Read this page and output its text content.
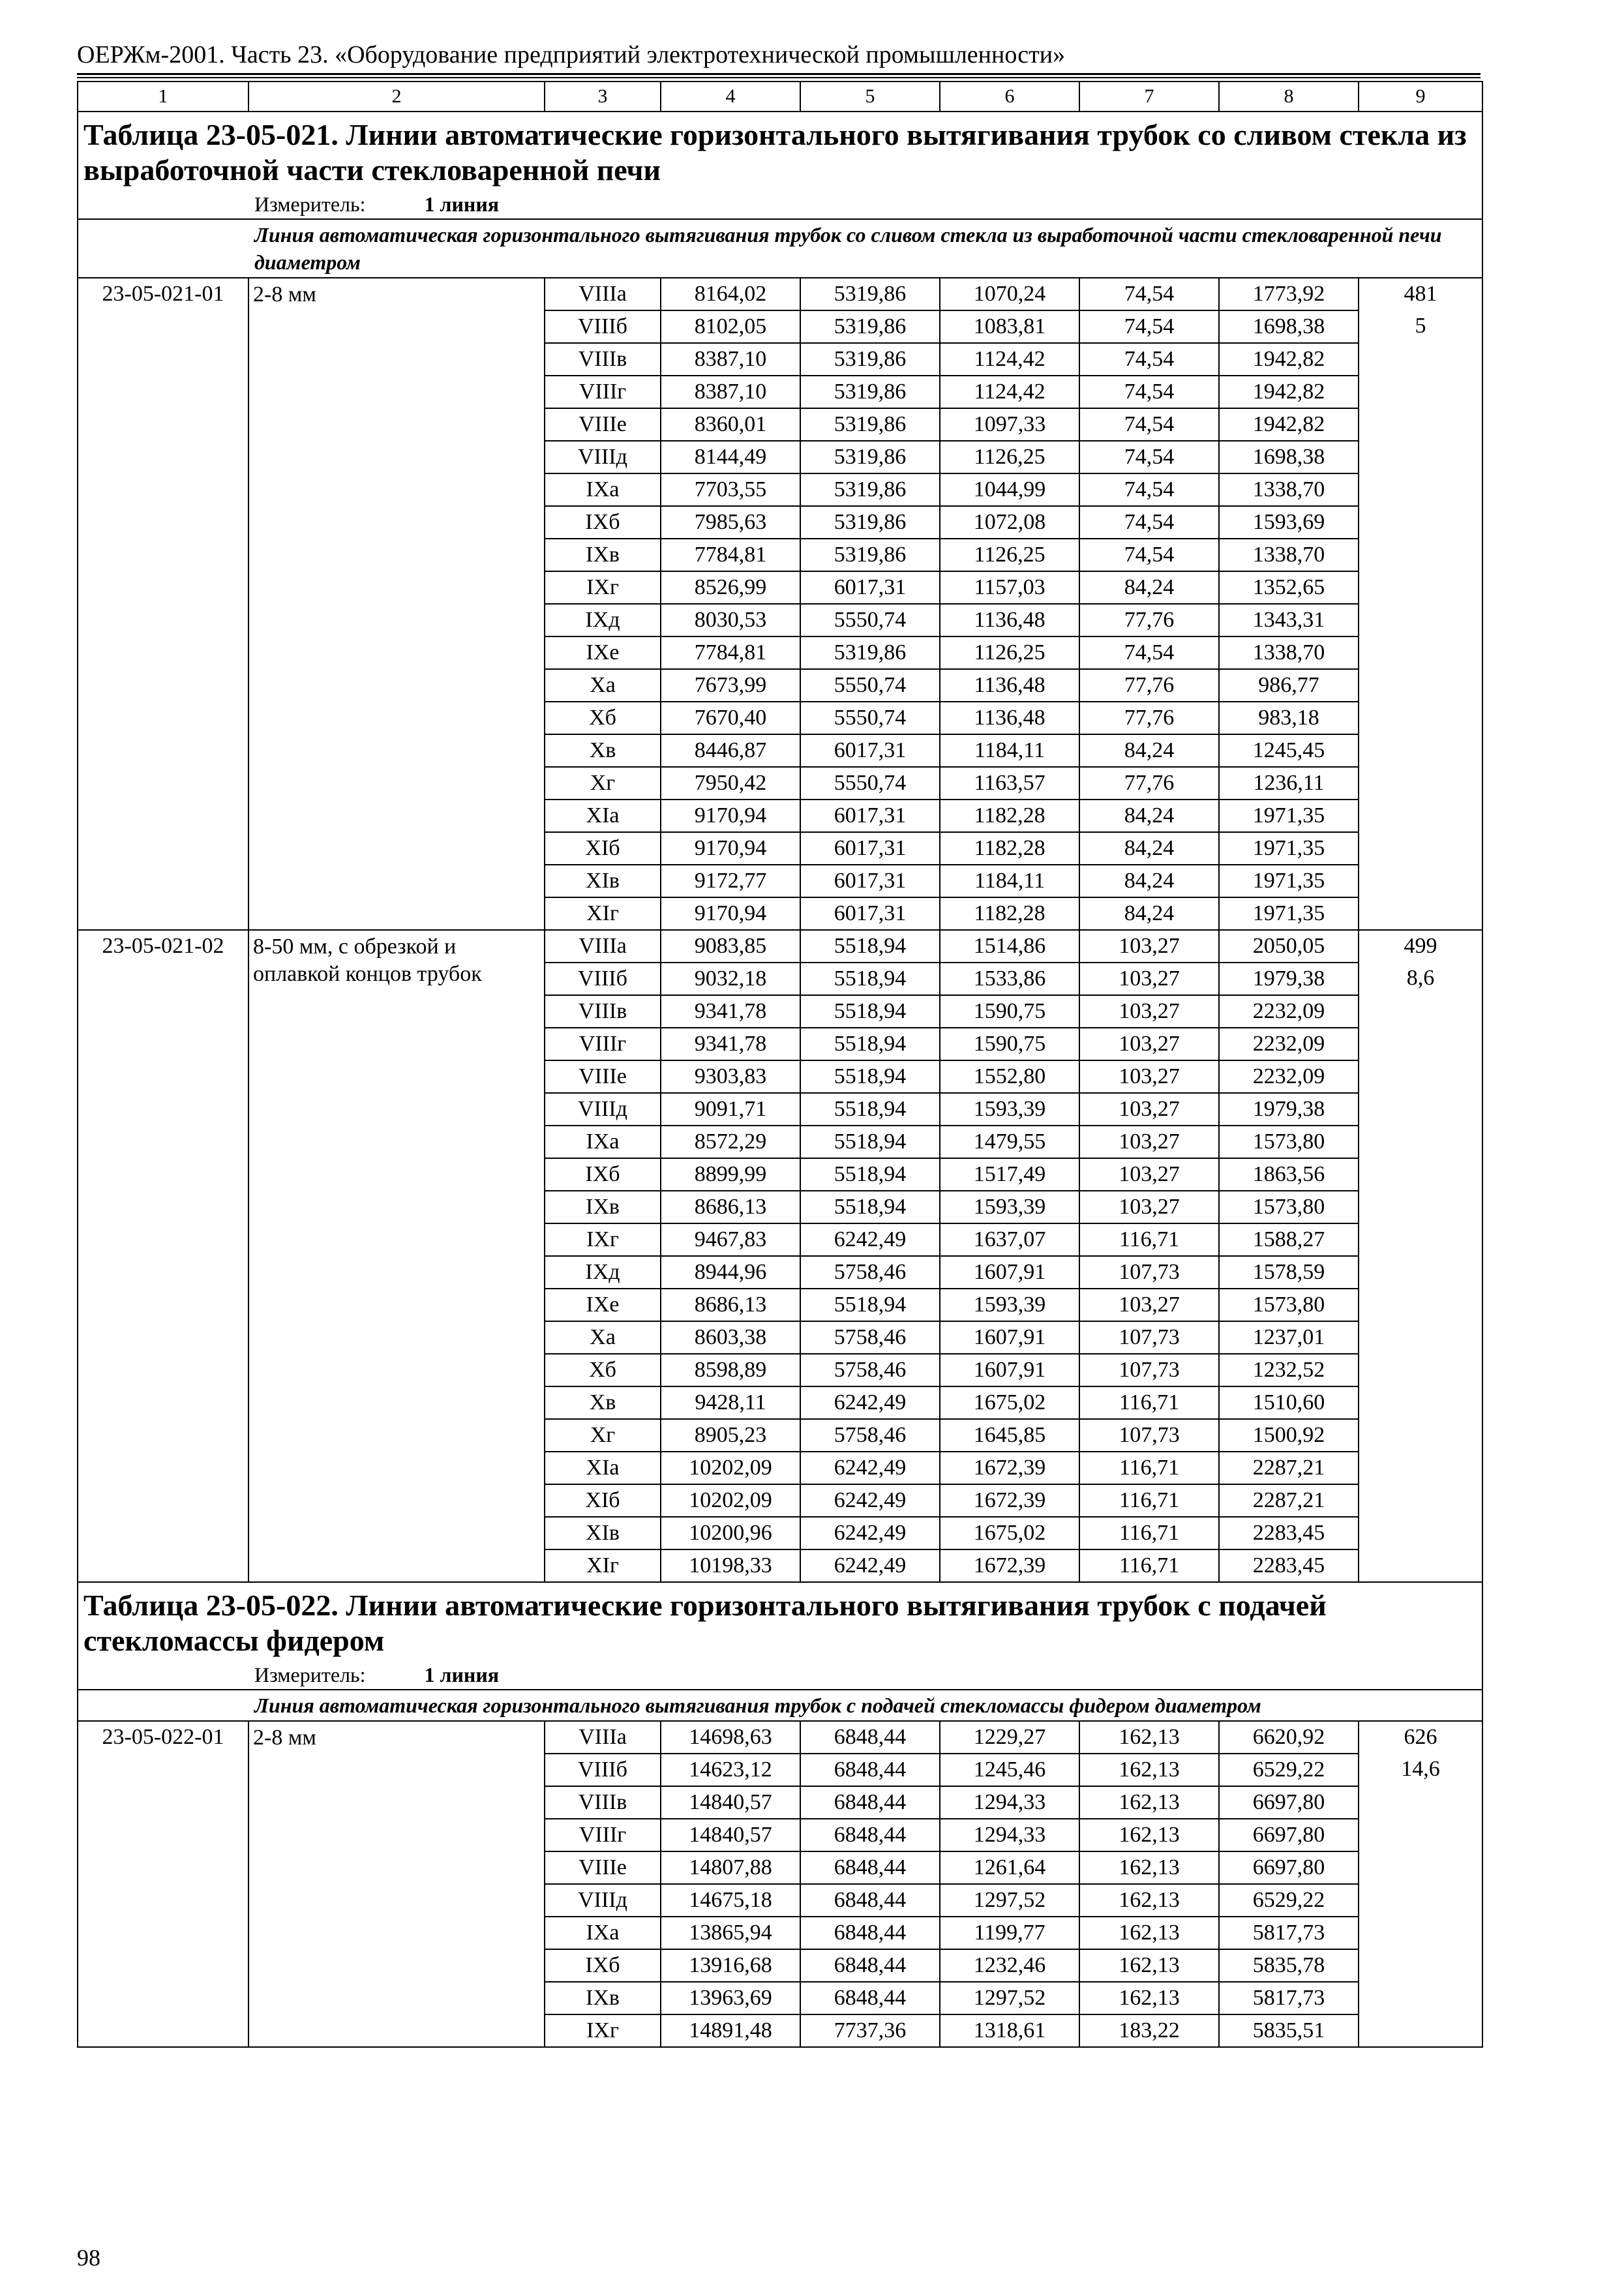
ОЕРЖм-2001. Часть 23. «Оборудование предприятий электротехнической промышленности»
1	2	3	4	5	6	7	8	9
Таблица 23-05-021. Линии автоматические горизонтального вытягивания трубок со сливом стекла из выработочной части стекловаренной печи								
Измеритель: 1 линия								
Линия автоматическая горизонтального вытягивания трубок со сливом стекла из выработочной части стекловаренной печи диаметром								
23-05-021-01	2-8 мм	VIIIа	8164,02	5319,86	1070,24	74,54	1773,92	481
		VIIIб	8102,05	5319,86	1083,81	74,54	1698,38	5
		VIIIв	8387,10	5319,86	1124,42	74,54	1942,82	
		VIIIг	8387,10	5319,86	1124,42	74,54	1942,82	
		VIIIе	8360,01	5319,86	1097,33	74,54	1942,82	
		VIIIд	8144,49	5319,86	1126,25	74,54	1698,38	
		IXа	7703,55	5319,86	1044,99	74,54	1338,70	
		IXб	7985,63	5319,86	1072,08	74,54	1593,69	
		IXв	7784,81	5319,86	1126,25	74,54	1338,70	
		IXг	8526,99	6017,31	1157,03	84,24	1352,65	
		IXд	8030,53	5550,74	1136,48	77,76	1343,31	
		IXе	7784,81	5319,86	1126,25	74,54	1338,70	
		Xа	7673,99	5550,74	1136,48	77,76	986,77	
		Xб	7670,40	5550,74	1136,48	77,76	983,18	
		Xв	8446,87	6017,31	1184,11	84,24	1245,45	
		Xг	7950,42	5550,74	1163,57	77,76	1236,11	
		XIа	9170,94	6017,31	1182,28	84,24	1971,35	
		XIб	9170,94	6017,31	1182,28	84,24	1971,35	
		XIв	9172,77	6017,31	1184,11	84,24	1971,35	
		XIг	9170,94	6017,31	1182,28	84,24	1971,35	
23-05-021-02	8-50 мм, с обрезкой и оплавкой концов трубок	VIIIа	9083,85	5518,94	1514,86	103,27	2050,05	499
		VIIIб	9032,18	5518,94	1533,86	103,27	1979,38	8,6
		VIIIв	9341,78	5518,94	1590,75	103,27	2232,09	
		VIIIг	9341,78	5518,94	1590,75	103,27	2232,09	
		VIIIе	9303,83	5518,94	1552,80	103,27	2232,09	
		VIIIд	9091,71	5518,94	1593,39	103,27	1979,38	
		IXа	8572,29	5518,94	1479,55	103,27	1573,80	
		IXб	8899,99	5518,94	1517,49	103,27	1863,56	
		IXв	8686,13	5518,94	1593,39	103,27	1573,80	
		IXг	9467,83	6242,49	1637,07	116,71	1588,27	
		IXд	8944,96	5758,46	1607,91	107,73	1578,59	
		IXе	8686,13	5518,94	1593,39	103,27	1573,80	
		Xа	8603,38	5758,46	1607,91	107,73	1237,01	
		Xб	8598,89	5758,46	1607,91	107,73	1232,52	
		Xв	9428,11	6242,49	1675,02	116,71	1510,60	
		Xг	8905,23	5758,46	1645,85	107,73	1500,92	
		XIа	10202,09	6242,49	1672,39	116,71	2287,21	
		XIб	10202,09	6242,49	1672,39	116,71	2287,21	
		XIв	10200,96	6242,49	1675,02	116,71	2283,45	
		XIг	10198,33	6242,49	1672,39	116,71	2283,45	
Таблица 23-05-022. Линии автоматические горизонтального вытягивания трубок с подачей стекломассы фидером								
Измеритель: 1 линия								
Линия автоматическая горизонтального вытягивания трубок с подачей стекломассы фидером диаметром								
23-05-022-01	2-8 мм	VIIIа	14698,63	6848,44	1229,27	162,13	6620,92	626
		VIIIб	14623,12	6848,44	1245,46	162,13	6529,22	14,6
		VIIIв	14840,57	6848,44	1294,33	162,13	6697,80	
		VIIIг	14840,57	6848,44	1294,33	162,13	6697,80	
		VIIIе	14807,88	6848,44	1261,64	162,13	6697,80	
		VIIIд	14675,18	6848,44	1297,52	162,13	6529,22	
		IXа	13865,94	6848,44	1199,77	162,13	5817,73	
		IXб	13916,68	6848,44	1232,46	162,13	5835,78	
		IXв	13963,69	6848,44	1297,52	162,13	5817,73	
		IXг	14891,48	7737,36	1318,61	183,22	5835,51	
98
